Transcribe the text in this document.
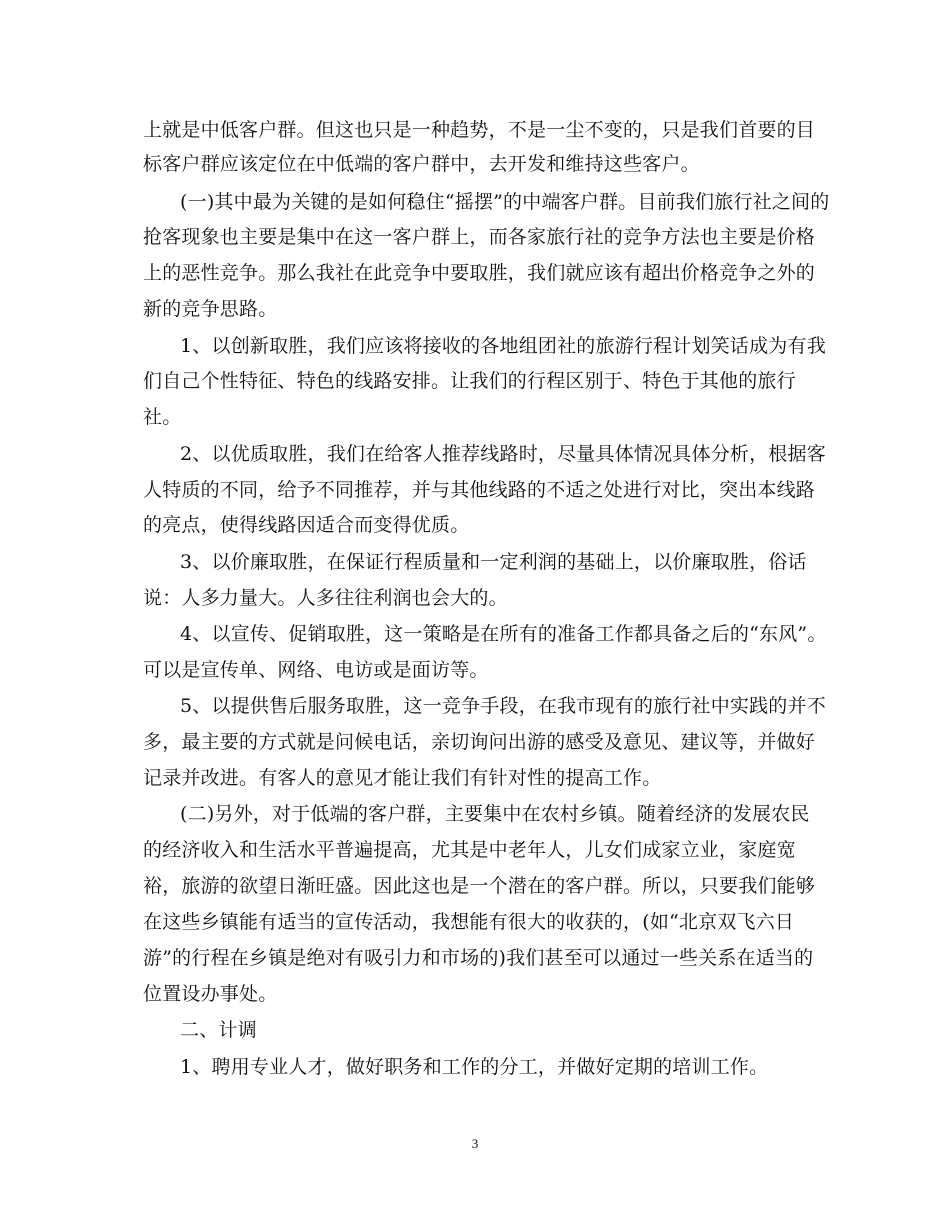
上就是中低客户群。但这也只是一种趋势，不是一尘不变的，只是我们首要的目
标客户群应该定位在中低端的客户群中，去开发和维持这些客户。
(一)其中最为关键的是如何稳住“摇摆”的中端客户群。目前我们旅行社之间的
抢客现象也主要是集中在这一客户群上，而各家旅行社的竞争方法也主要是价格
上的恶性竞争。那么我社在此竞争中要取胜，我们就应该有超出价格竞争之外的
新的竞争思路。
1、以创新取胜，我们应该将接收的各地组团社的旅游行程计划笑话成为有我
们自己个性特征、特色的线路安排。让我们的行程区别于、特色于其他的旅行
社。
2、以优质取胜，我们在给客人推荐线路时，尽量具体情况具体分析，根据客
人特质的不同，给予不同推荐，并与其他线路的不适之处进行对比，突出本线路
的亮点，使得线路因适合而变得优质。
3、以价廉取胜，在保证行程质量和一定利润的基础上，以价廉取胜，俗话
说：人多力量大。人多往往利润也会大的。
4、以宣传、促销取胜，这一策略是在所有的准备工作都具备之后的“东风”。
可以是宣传单、网络、电访或是面访等。
5、以提供售后服务取胜，这一竞争手段，在我市现有的旅行社中实践的并不
多，最主要的方式就是问候电话，亲切询问出游的感受及意见、建议等，并做好
记录并改进。有客人的意见才能让我们有针对性的提高工作。
(二)另外，对于低端的客户群，主要集中在农村乡镇。随着经济的发展农民
的经济收入和生活水平普遍提高，尤其是中老年人，儿女们成家立业，家庭宽
裕，旅游的欲望日渐旺盛。因此这也是一个潜在的客户群。所以，只要我们能够
在这些乡镇能有适当的宣传活动，我想能有很大的收获的，(如“北京双飞六日
游”的行程在乡镇是绝对有吸引力和市场的)我们甚至可以通过一些关系在适当的
位置设办事处。
二、计调
1、聘用专业人才，做好职务和工作的分工，并做好定期的培训工作。
3
